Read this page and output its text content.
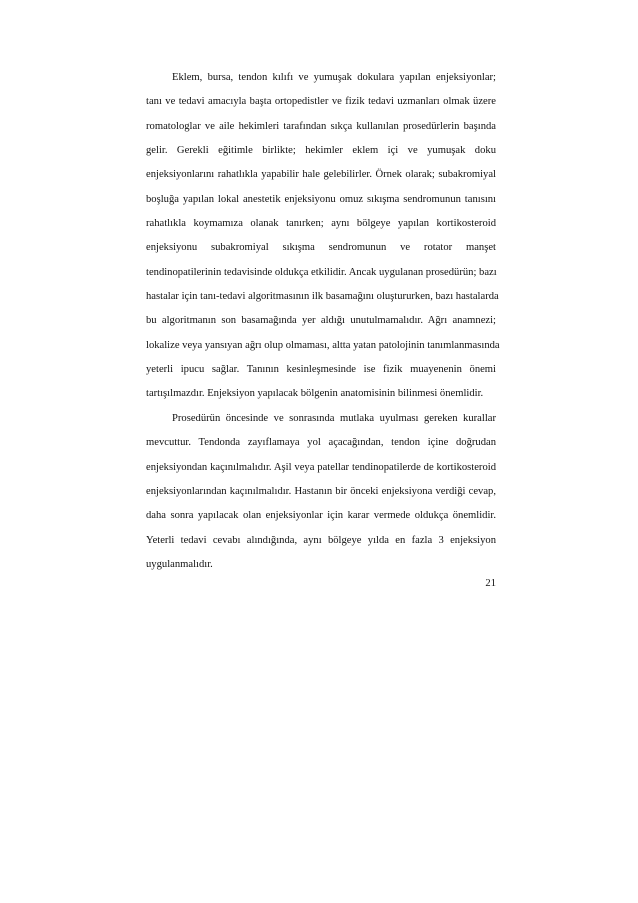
Eklem, bursa, tendon kılıfı ve yumuşak dokulara yapılan enjeksiyonlar;
tanı ve tedavi amacıyla başta ortopedistler ve fizik tedavi uzmanları olmak üzere
romatologlar ve aile hekimleri tarafından sıkça kullanılan prosedürlerin başında
gelir. Gerekli eğitimle birlikte; hekimler eklem içi ve yumuşak doku
enjeksiyonlarını rahatlıkla yapabilir hale gelebilirler. Örnek olarak; subakromiyal
boşluğa yapılan lokal anestetik enjeksiyonu omuz sıkışma sendromunun tanısını
rahatlıkla koymamıza olanak tanırken; aynı bölgeye yapılan kortikosteroid
enjeksiyonu subakromiyal sıkışma sendromunun ve rotator manşet
tendinopatilerinin tedavisinde oldukça etkilidir. Ancak uygulanan prosedürün; bazı
hastalar için tanı-tedavi algoritmasının ilk basamağını oluştururken, bazı hastalarda
bu algoritmanın son basamağında yer aldığı unutulmamalıdır. Ağrı anamnezi;
lokalize veya yansıyan ağrı olup olmaması, altta yatan patolojinin tanımlanmasında
yeterli ipucu sağlar. Tanının kesinleşmesinde ise fizik muayenenin önemi
tartışılmazdır. Enjeksiyon yapılacak bölgenin anatomisinin bilinmesi önemlidir.
Prosedürün öncesinde ve sonrasında mutlaka uyulması gereken kurallar
mevcuttur. Tendonda zayıflamaya yol açacağından, tendon içine doğrudan
enjeksiyondan kaçınılmalıdır. Aşil veya patellar tendinopatilerde de kortikosteroid
enjeksiyonlarından kaçınılmalıdır. Hastanın bir önceki enjeksiyona verdiği cevap,
daha sonra yapılacak olan enjeksiyonlar için karar vermede oldukça önemlidir.
Yeterli tedavi cevabı alındığında, aynı bölgeye yılda en fazla 3 enjeksiyon
uygulanmalıdır.
21
